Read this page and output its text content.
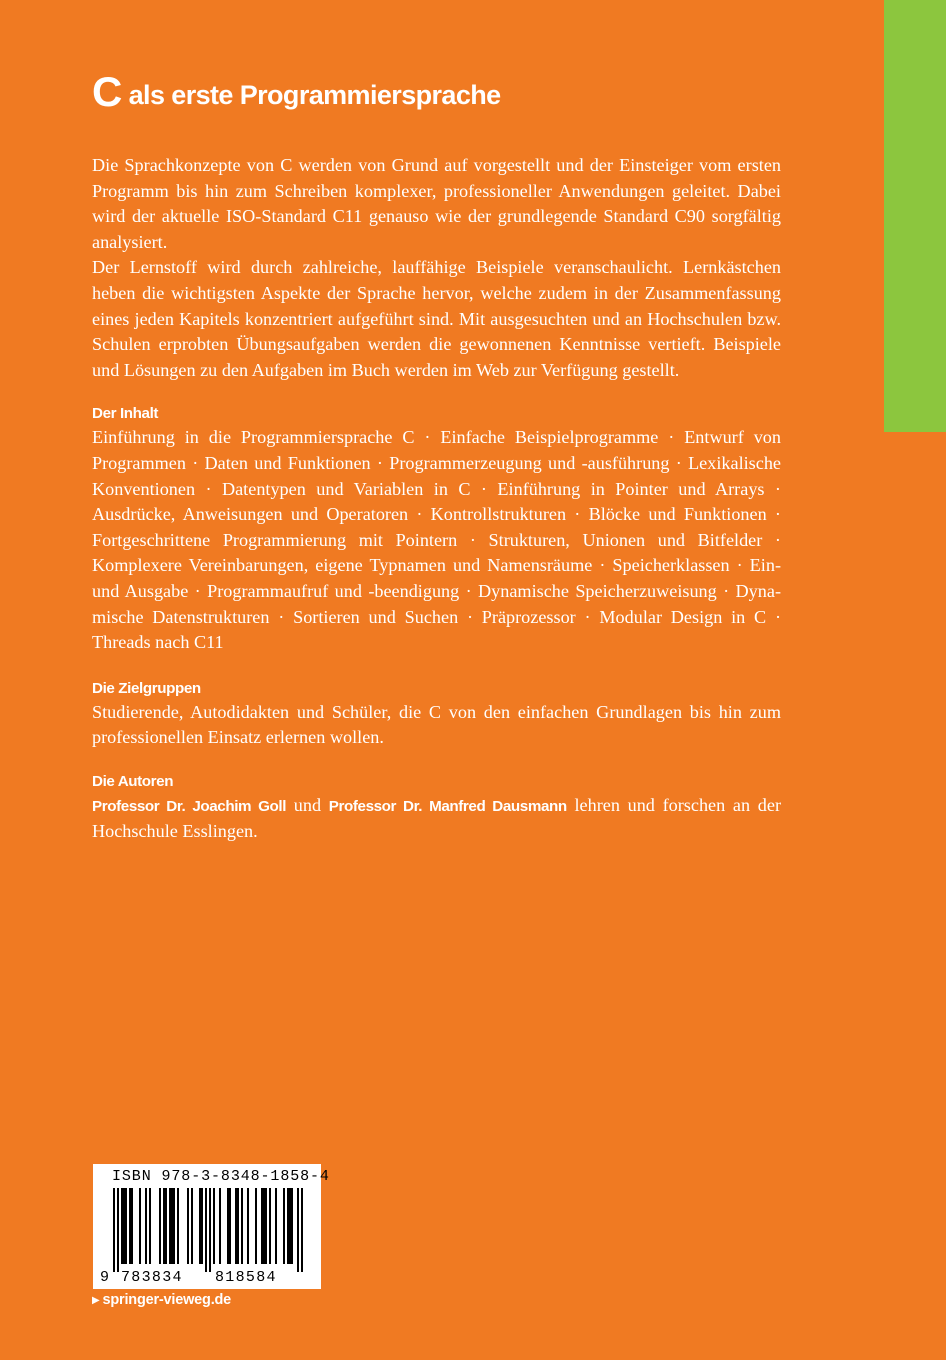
C als erste Programmiersprache

Die Sprachkonzepte von C werden von Grund auf vorgestellt und der Einsteiger vom ersten Programm bis hin zum Schreiben komplexer, professioneller Anwendungen geleitet. Dabei wird der aktuelle ISO-Standard C11 genauso wie der grundlegende Standard C90 sorgfältig analysiert.

Der Lernstoff wird durch zahlreiche, lauffähige Beispiele veranschaulicht. Lernkästchen heben die wichtigsten Aspekte der Sprache hervor, welche zudem in der Zusammenfassung eines jeden Kapitels konzentriert aufgeführt sind. Mit ausgesuchten und an Hochschulen bzw. Schulen erprobten Übungsaufgaben werden die gewonnenen Kenntnisse vertieft. Beispiele und Lösungen zu den Aufgaben im Buch werden im Web zur Verfügung gestellt.

Der Inhalt

Einführung in die Programmiersprache C · Einfache Beispielprogramme · Entwurf von Programmen · Daten und Funktionen · Programmerzeugung und -ausführung · Lexikalische Konventionen · Datentypen und Variablen in C · Einführung in Pointer und Arrays · Ausdrücke, Anweisungen und Operatoren · Kontrollstrukturen · Blöcke und Funktionen · Fortgeschrittene Programmierung mit Pointern · Strukturen, Unionen und Bitfelder · Komplexere Vereinbarungen, eigene Typnamen und Namensräume · Speicherklassen · Ein- und Ausgabe · Programmaufruf und -beendigung · Dynamische Speicherzuweisung · Dynamische Datenstrukturen · Sortieren und Suchen · Präprozessor · Modular Design in C · Threads nach C11

Die Zielgruppen

Studierende, Autodidakten und Schüler, die C von den einfachen Grundlagen bis hin zum professionellen Einsatz erlernen wollen.

Die Autoren

Professor Dr. Joachim Goll und Professor Dr. Manfred Dausmann lehren und forschen an der Hochschule Esslingen.

ISBN 978-3-8348-1858-4
9 783834 818584
▶ springer-vieweg.de
